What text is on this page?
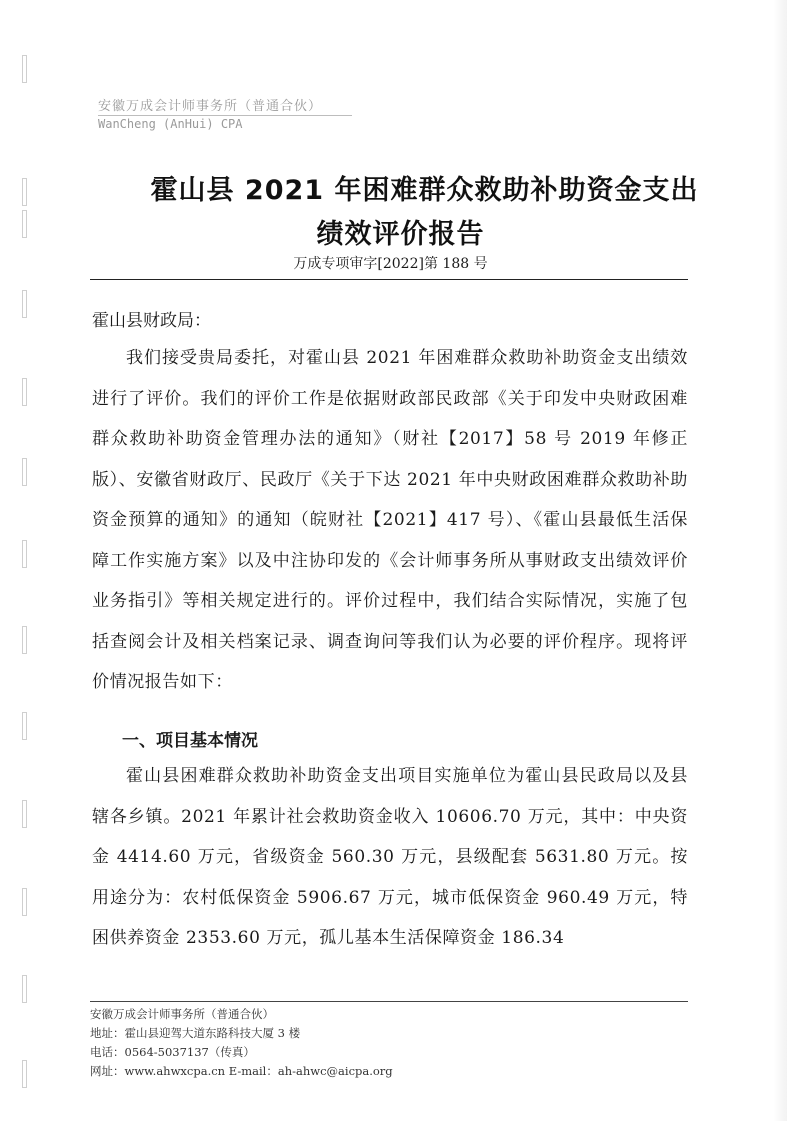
安徽万成会计师事务所（普通合伙）
WanCheng (AnHui) CPA
霍山县 2021 年困难群众救助补助资金支出
绩效评价报告
万成专项审字[2022]第 188 号
霍山县财政局：
我们接受贵局委托，对霍山县 2021 年困难群众救助补助资金支出绩效进行了评价。我们的评价工作是依据财政部民政部《关于印发中央财政困难群众救助补助资金管理办法的通知》（财社【2017】58 号 2019 年修正版）、安徽省财政厅、民政厅《关于下达 2021 年中央财政困难群众救助补助资金预算的通知》的通知（皖财社【2021】417 号）、《霍山县最低生活保障工作实施方案》以及中注协印发的《会计师事务所从事财政支出绩效评价业务指引》等相关规定进行的。评价过程中，我们结合实际情况，实施了包括查阅会计及相关档案记录、调查询问等我们认为必要的评价程序。现将评价情况报告如下：
一、项目基本情况
霍山县困难群众救助补助资金支出项目实施单位为霍山县民政局以及县辖各乡镇。2021 年累计社会救助资金收入 10606.70 万元，其中：中央资金 4414.60 万元，省级资金 560.30 万元，县级配套 5631.80 万元。按用途分为：农村低保资金 5906.67 万元，城市低保资金 960.49 万元，特困供养资金 2353.60 万元，孤儿基本生活保障资金 186.34
安徽万成会计师事务所（普通合伙）
地址：霍山县迎驾大道东路科技大厦 3 楼
电话：0564-5037137（传真）
网址：www.ahwxcpa.cn E-mail：ah-ahwc@aicpa.org
